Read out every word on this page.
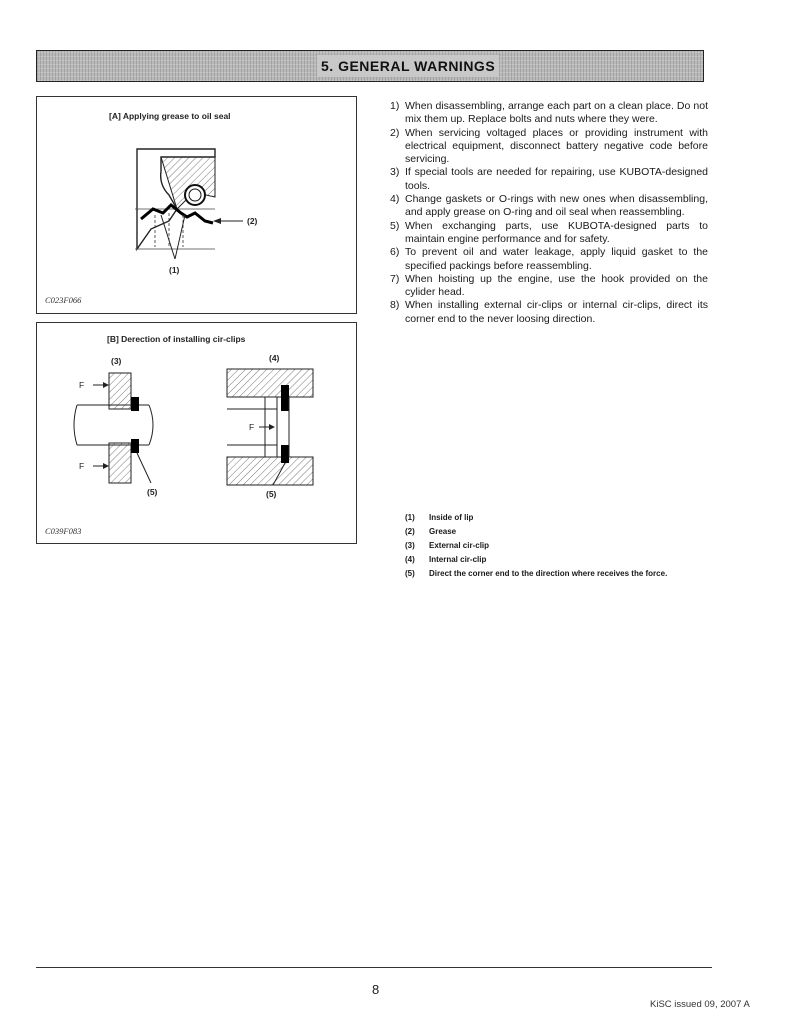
5. GENERAL WARNINGS
[A] Applying grease to oil seal
(2)
(1)
C023F066
[B] Derection of installing cir-clips
(3)	(4)
F
F
F
(5)	(5)
C039F083
1) When disassembling, arrange each part on a clean place. Do not mix them up. Replace bolts and nuts where they were.
2) When servicing voltaged places or providing instrument with electrical equipment, disconnect battery negative code before servicing.
3) If special tools are needed for repairing, use KUBOTA-designed tools.
4) Change gaskets or O-rings with new ones when disassembling, and apply grease on O-ring and oil seal when reassembling.
5) When exchanging parts, use KUBOTA-designed parts to maintain engine performance and for safety.
6) To prevent oil and water leakage, apply liquid gasket to the specified packings before reassembling.
7) When hoisting up the engine, use the hook provided on the cylider head.
8) When installing external cir-clips or internal cir-clips, direct its corner end to the never loosing direction.
(1) Inside of lip
(2) Grease
(3) External cir-clip
(4) Internal cir-clip
(5) Direct the corner end to the direction where receives the force.
8
KiSC issued 09, 2007 A
